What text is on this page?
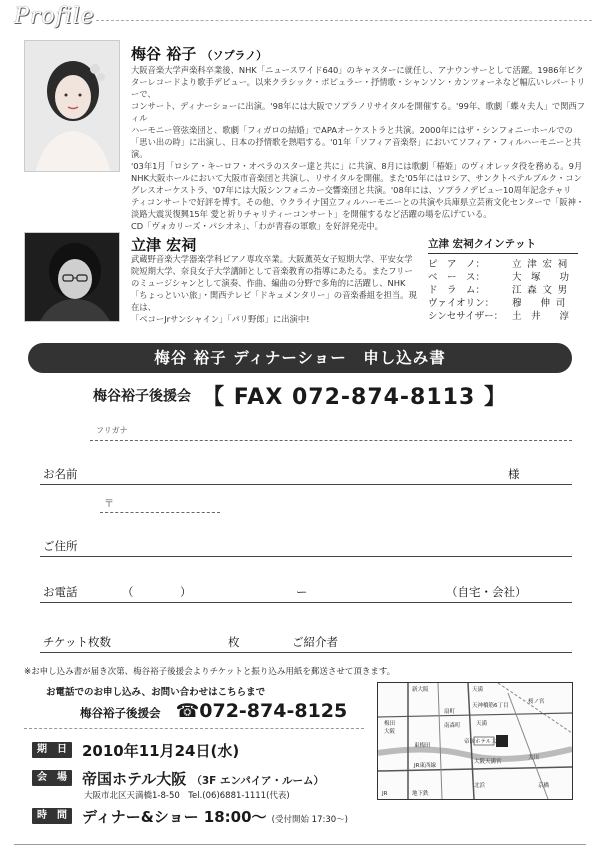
Profile
梅谷 裕子 （ソプラノ）
大阪音楽大学声楽科卒業後、NHK「ニュースワイド640」のキャスターに就任し、アナウンサーとして活躍。1986年ビク
ターレコードより歌手デビュー。以来クラシック・ポピュラー・抒情歌・シャンソン・カンツォーネなど幅広いレパートリーで、
コンサート、ディナーショーに出演。'98年には大阪でソプラノリサイタルを開催する。'99年、歌劇「蝶々夫人」で関西フィル
ハーモニー管弦楽団と、歌劇「フィガロの結婚」でAPAオーケストラと共演。2000年にはザ・シンフォニーホールでの
「思い出の時」に出演し、日本の抒情歌を熱唱する。'01年「ソフィア音楽祭」においてソフィア・フィルハーモニーと共演。
'03年1月「ロシア・キーロフ・オペラのスター達と共に」に共演、8月には歌劇「椿姫」のヴィオレッタ役を務める。9月
NHK大阪ホールにおいて大阪市音楽団と共演し、リサイタルを開催。また'05年にはロシア、サンクトペテルブルク・コン
グレスオーケストラ、'07年には大阪シンフォニカー交響楽団と共演。'08年には、ソプラノデビュー10周年記念チャリ
ティコンサートで好評を博す。その他、ウクライナ国立フィルハーモニーとの共演や兵庫県立芸術文化センターで「阪神・
淡路大震災復興15年 愛と祈りチャリティーコンサート」を開催するなど活躍の場を広げている。
CD「ヴォカリーズ・パシオネ」、「わが青春の軍歌」を好評発売中。
立津 宏祠
武蔵野音楽大学器楽学科ピアノ専攻卒業。大阪薫英女子短期大学、平安女学
院短期大学、奈良女子大学講師として音楽教育の指導にあたる。またフリー
のミュージシャンとして演奏、作曲、編曲の分野で多角的に活躍し、NHK
「ちょっといい旅」・関西テレビ「ドキュメンタリー」の音楽番組を担当。現在は、
「ベコーJrサンシャイン」「パリ野郎」に出演中!
立津 宏祠クインテット
ピ　ア　ノ：	立 津 宏 祠
ベ　ー　ス：	大　塚　　功
ド　ラ　ム：	江 森 文 男
ヴァイオリン：	穆　　伸 司
シンセサイザー： 土　井　　淳
梅谷 裕子 ディナーショー　申し込み書
梅谷裕子後援会 【 FAX 072-874-8113 】
フリガナ
お名前	様
〒
ご住所
お電話	（	）	ー	（自宅・会社）
チケット枚数	枚	ご紹介者
※お申し込み書が届き次第、梅谷裕子後援会よりチケットと振り込み用紙を郵送させて頂きます。
お電話でのお申し込み、お問い合わせはこちらまで
梅谷裕子後援会 ☎072-874-8125
期　日	2010年11月24日(水)
会　場	帝国ホテル大阪 （3F エンパイア・ルーム）
大阪市北区天満橋1-8-50　Tel.(06)6881-1111(代表)
時　間	ディナー&ショー 18:00〜 (受付開始 17:30〜)
新大阪	天満
梅田
大阪
JR東西線
南森町
桜ノ宮
天神橋筋6丁目
扇町
天満
東梅田
帝国ホテル大阪
大川
大阪天満宮
北浜	京橋
JR	地下鉄
